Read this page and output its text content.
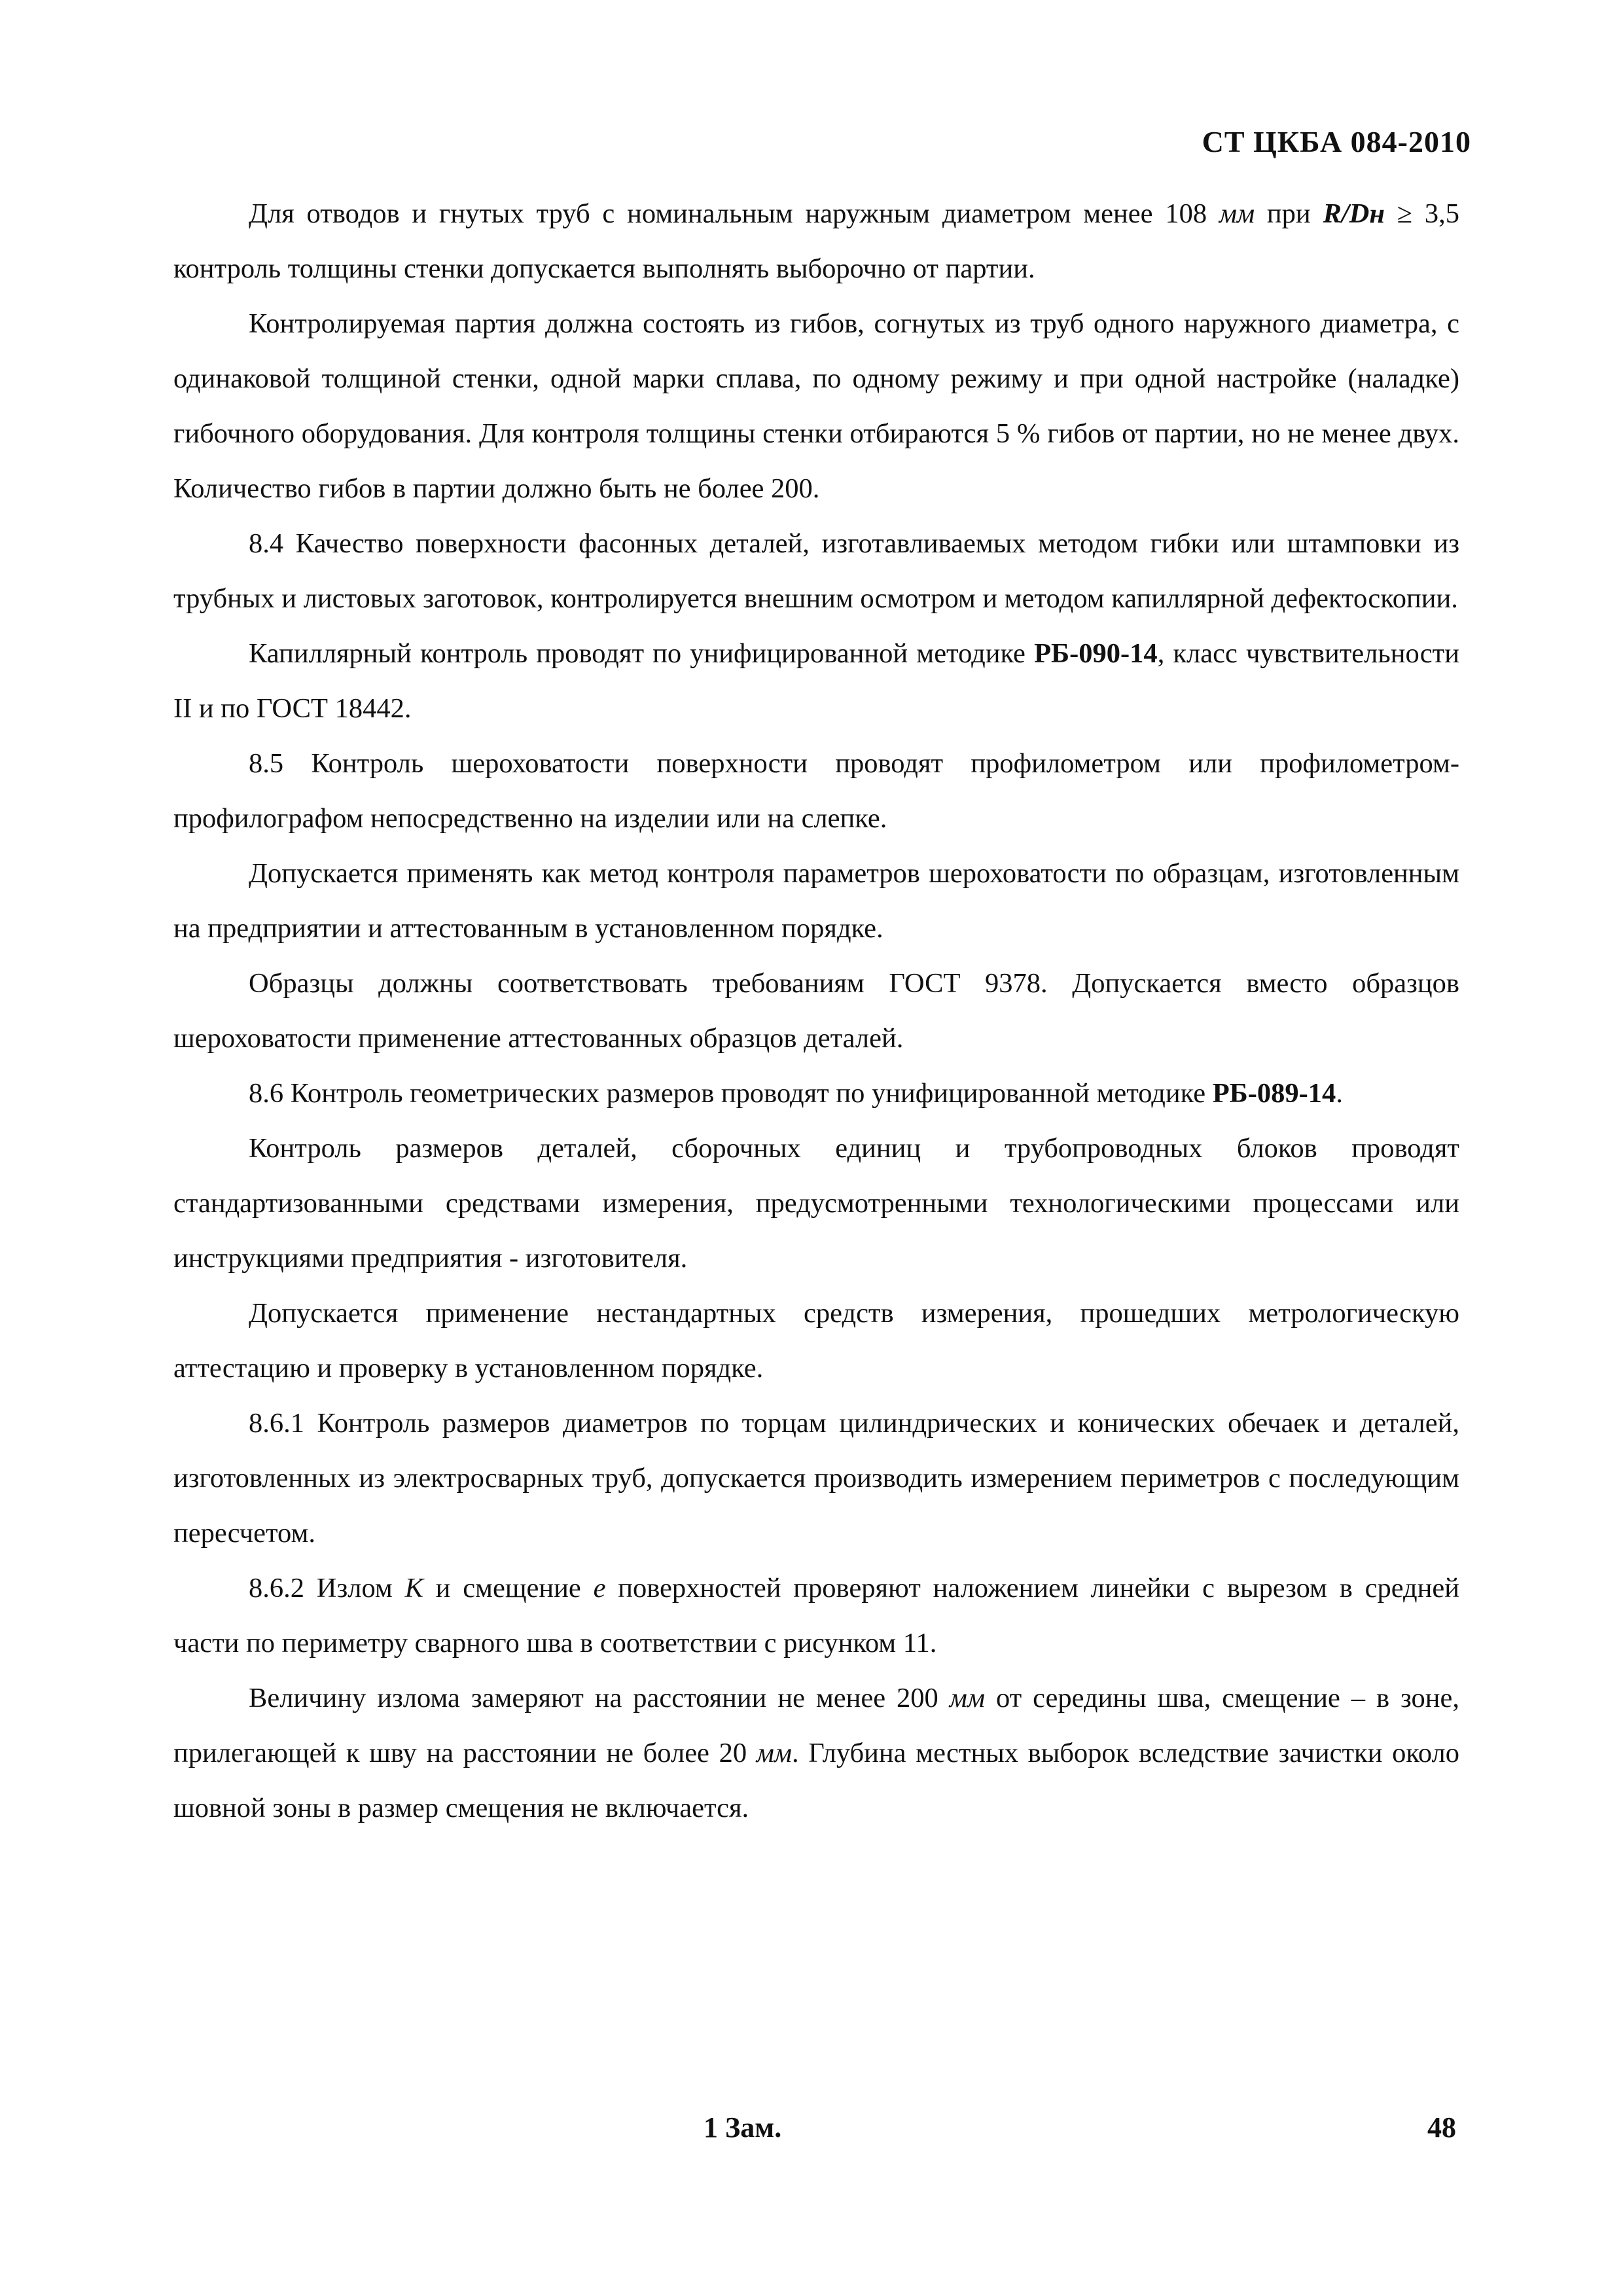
СТ ЦКБА 084-2010

Для отводов и гнутых труб с номинальным наружным диаметром менее 108 мм при R/Dн ≥ 3,5 контроль толщины стенки допускается выполнять выборочно от партии.

Контролируемая партия должна состоять из гибов, согнутых из труб одного наружного диаметра, с одинаковой толщиной стенки, одной марки сплава, по одному режиму и при одной настройке (наладке) гибочного оборудования. Для контроля толщины стенки отбираются 5 % гибов от партии, но не менее двух. Количество гибов в партии должно быть не более 200.

8.4 Качество поверхности фасонных деталей, изготавливаемых методом гибки или штамповки из трубных и листовых заготовок, контролируется внешним осмотром и методом капиллярной дефектоскопии.

Капиллярный контроль проводят по унифицированной методике РБ-090-14, класс чувствительности II и по ГОСТ 18442.

8.5 Контроль шероховатости поверхности проводят профилометром или профилометром-профилографом непосредственно на изделии или на слепке.

Допускается применять как метод контроля параметров шероховатости по образцам, изготовленным на предприятии и аттестованным в установленном порядке.

Образцы должны соответствовать требованиям ГОСТ 9378. Допускается вместо образцов шероховатости применение аттестованных образцов деталей.

8.6 Контроль геометрических размеров проводят по унифицированной методике РБ-089-14.

Контроль размеров деталей, сборочных единиц и трубопроводных блоков проводят стандартизованными средствами измерения, предусмотренными технологическими процессами или инструкциями предприятия - изготовителя.

Допускается применение нестандартных средств измерения, прошедших метрологическую аттестацию и проверку в установленном порядке.

8.6.1 Контроль размеров диаметров по торцам цилиндрических и конических обечаек и деталей, изготовленных из электросварных труб, допускается производить измерением периметров с последующим пересчетом.

8.6.2 Излом К и смещение е поверхностей проверяют наложением линейки с вырезом в средней части по периметру сварного шва в соответствии с рисунком 11.

Величину излома замеряют на расстоянии не менее 200 мм от середины шва, смещение – в зоне, прилегающей к шву на расстоянии не более 20 мм. Глубина местных выборок вследствие зачистки около шовной зоны в размер смещения не включается.

1 Зам.	48
